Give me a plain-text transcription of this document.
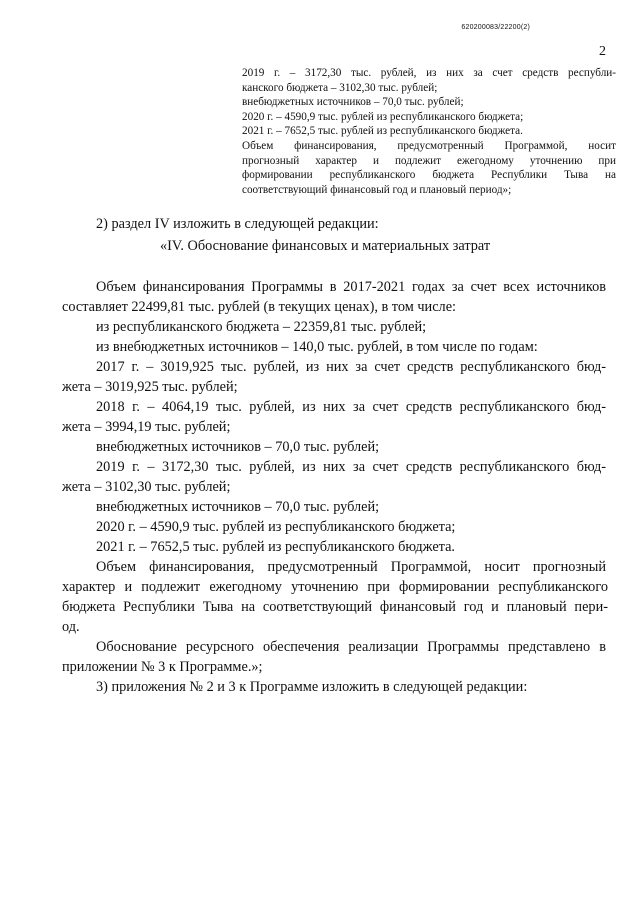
620200083/22200(2)
2
2019 г. – 3172,30 тыс. рублей, из них за счет средств республи-
канского бюджета – 3102,30 тыс. рублей;
внебюджетных источников – 70,0 тыс. рублей;
2020 г. – 4590,9 тыс. рублей из республиканского бюджета;
2021 г. – 7652,5 тыс. рублей из республиканского бюджета.
Объем финансирования, предусмотренный Программой, носит
прогнозный характер и подлежит ежегодному уточнению при
формировании республиканского бюджета Республики Тыва на
соответствующий финансовый год и плановый период»;
2) раздел IV изложить в следующей редакции:
«IV. Обоснование финансовых и материальных затрат
Объем финансирования Программы в 2017-2021 годах за счет всех источников
составляет 22499,81 тыс. рублей (в текущих ценах), в том числе:
из республиканского бюджета – 22359,81 тыс. рублей;
из внебюджетных источников – 140,0 тыс. рублей, в том числе по годам:
2017 г. – 3019,925 тыс. рублей, из них за счет средств республиканского бюд-
жета – 3019,925 тыс. рублей;
2018 г. – 4064,19 тыс. рублей, из них за счет средств республиканского бюд-
жета – 3994,19 тыс. рублей;
внебюджетных источников – 70,0 тыс. рублей;
2019 г. – 3172,30 тыс. рублей, из них за счет средств республиканского бюд-
жета – 3102,30 тыс. рублей;
внебюджетных источников – 70,0 тыс. рублей;
2020 г. – 4590,9 тыс. рублей из республиканского бюджета;
2021 г. – 7652,5 тыс. рублей из республиканского бюджета.
Объем финансирования, предусмотренный Программой, носит прогнозный
характер и подлежит ежегодному уточнению при формировании республиканского
бюджета Республики Тыва на соответствующий финансовый год и плановый пери-
од.
Обоснование ресурсного обеспечения реализации Программы представлено в
приложении № 3 к Программе.»;
3) приложения № 2 и 3 к Программе изложить в следующей редакции:
